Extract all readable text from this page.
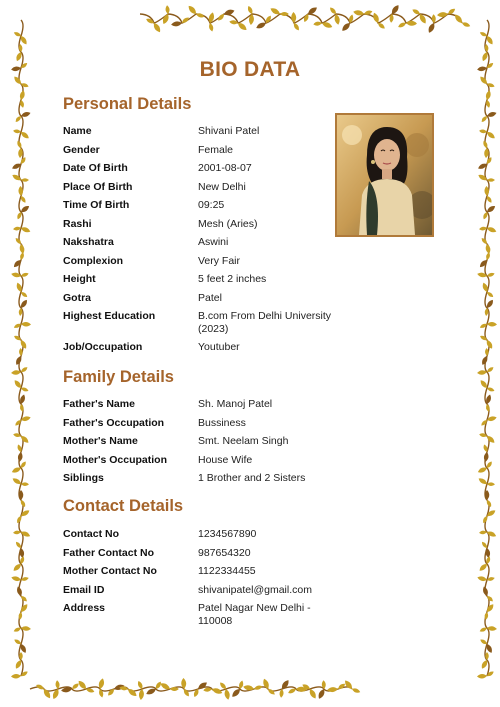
BIO DATA
Personal Details
Name	Shivani Patel
Gender	Female
Date Of Birth	2001-08-07
Place Of Birth	New Delhi
Time Of Birth	09:25
Rashi	Mesh (Aries)
Nakshatra	Aswini
Complexion	Very Fair
Height	5 feet 2 inches
Gotra	Patel
Highest Education	B.com From Delhi University (2023)
Job/Occupation	Youtuber
Family Details
Father's Name	Sh. Manoj Patel
Father's Occupation	Bussiness
Mother's Name	Smt. Neelam Singh
Mother's Occupation	House Wife
Siblings	1 Brother and 2 Sisters
Contact Details
Contact No	1234567890
Father Contact No	987654320
Mother Contact No	1122334455
Email ID	shivanipatel@gmail.com
Address	Patel Nagar New Delhi - 110008
